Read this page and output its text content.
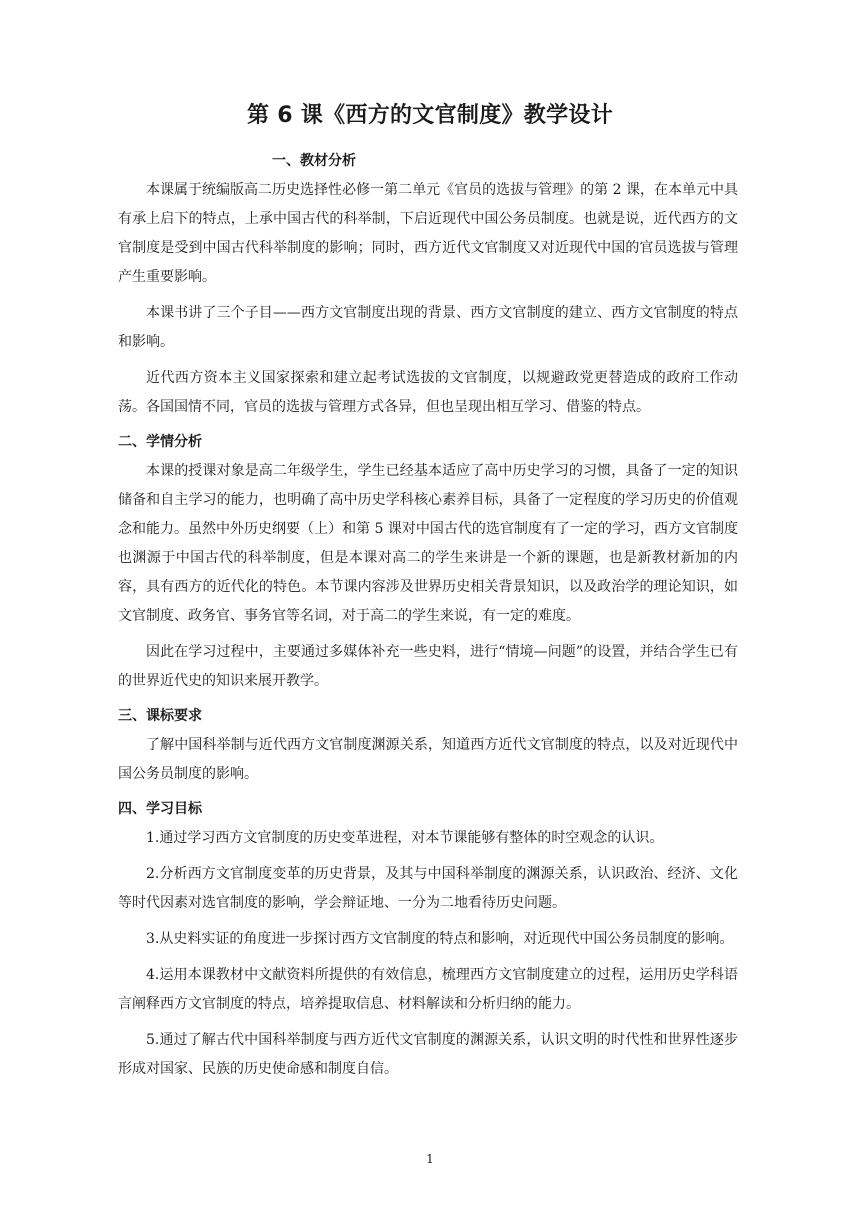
第 6 课《西方的文官制度》教学设计
一、教材分析

本课属于统编版高二历史选择性必修一第二单元《官员的选拔与管理》的第 2 课，在本单元中具有承上启下的特点，上承中国古代的科举制，下启近现代中国公务员制度。也就是说，近代西方的文官制度是受到中国古代科举制度的影响；同时，西方近代文官制度又对近现代中国的官员选拔与管理产生重要影响。

本课书讲了三个子目——西方文官制度出现的背景、西方文官制度的建立、西方文官制度的特点和影响。

近代西方资本主义国家探索和建立起考试选拔的文官制度，以规避政党更替造成的政府工作动荡。各国国情不同，官员的选拔与管理方式各异，但也呈现出相互学习、借鉴的特点。

二、学情分析

本课的授课对象是高二年级学生，学生已经基本适应了高中历史学习的习惯，具备了一定的知识储备和自主学习的能力，也明确了高中历史学科核心素养目标，具备了一定程度的学习历史的价值观念和能力。虽然中外历史纲要（上）和第 5 课对中国古代的选官制度有了一定的学习，西方文官制度也渊源于中国古代的科举制度，但是本课对高二的学生来讲是一个新的课题，也是新教材新加的内容，具有西方的近代化的特色。本节课内容涉及世界历史相关背景知识，以及政治学的理论知识，如文官制度、政务官、事务官等名词，对于高二的学生来说，有一定的难度。

因此在学习过程中，主要通过多媒体补充一些史料，进行“情境—问题”的设置，并结合学生已有的世界近代史的知识来展开教学。

三、课标要求

了解中国科举制与近代西方文官制度渊源关系，知道西方近代文官制度的特点，以及对近现代中国公务员制度的影响。

四、学习目标

1.通过学习西方文官制度的历史变革进程，对本节课能够有整体的时空观念的认识。

2.分析西方文官制度变革的历史背景，及其与中国科举制度的渊源关系，认识政治、经济、文化等时代因素对选官制度的影响，学会辩证地、一分为二地看待历史问题。

3.从史料实证的角度进一步探讨西方文官制度的特点和影响，对近现代中国公务员制度的影响。

4.运用本课教材中文献资料所提供的有效信息，梳理西方文官制度建立的过程，运用历史学科语言阐释西方文官制度的特点，培养提取信息、材料解读和分析归纳的能力。

5.通过了解古代中国科举制度与西方近代文官制度的渊源关系，认识文明的时代性和世界性逐步形成对国家、民族的历史使命感和制度自信。

1
